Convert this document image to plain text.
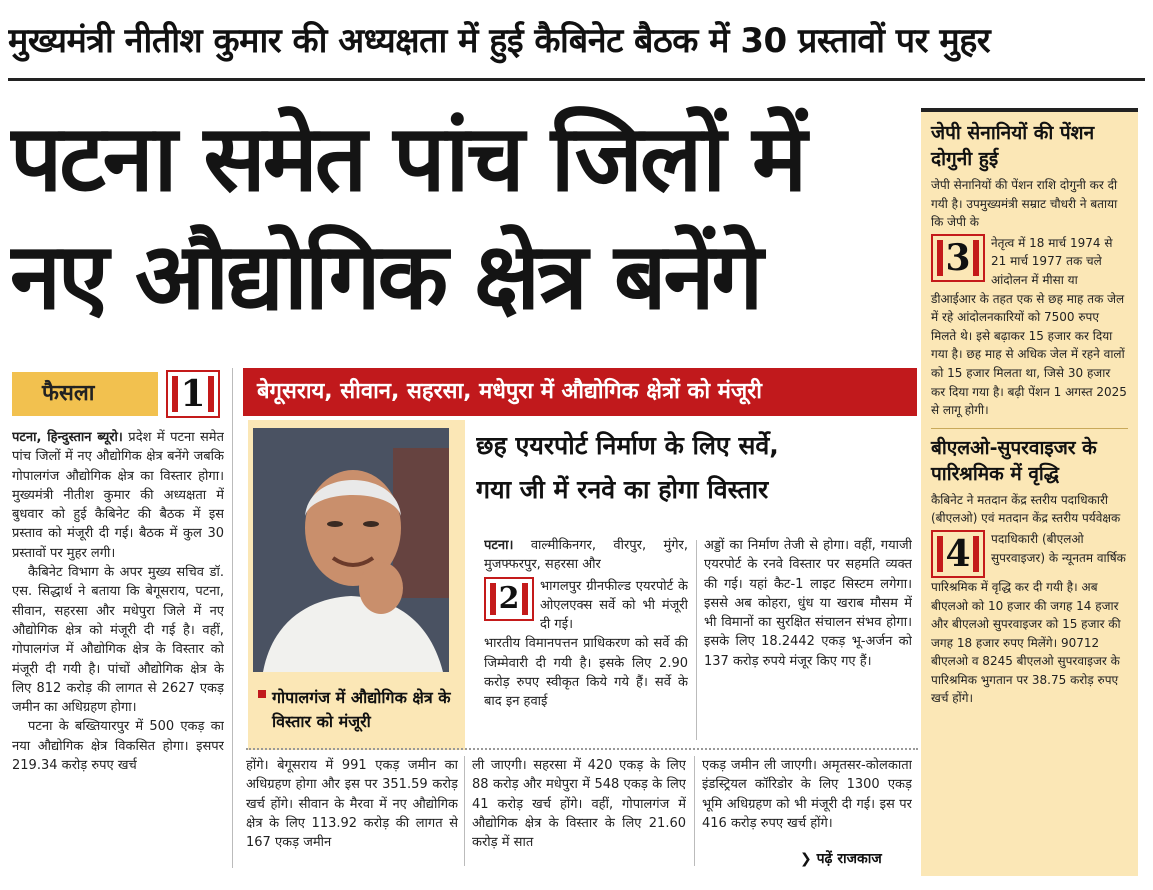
मुख्यमंत्री नीतीश कुमार की अध्यक्षता में हुई कैबिनेट बैठक में 30 प्रस्तावों पर मुहर
पटना समेत पांच जिलों में
नए औद्योगिक क्षेत्र बनेंगे
फैसला	1

पटना, हिन्दुस्तान ब्यूरो। प्रदेश में पटना समेत पांच जिलों में नए औद्योगिक क्षेत्र बनेंगे जबकि गोपालगंज औद्योगिक क्षेत्र का विस्तार होगा। मुख्यमंत्री नीतीश कुमार की अध्यक्षता में बुधवार को हुई कैबिनेट की बैठक में इस प्रस्ताव को मंजूरी दी गई। बैठक में कुल 30 प्रस्तावों पर मुहर लगी।

कैबिनेट विभाग के अपर मुख्य सचिव डॉ. एस. सिद्धार्थ ने बताया कि बेगूसराय, पटना, सीवान, सहरसा और मधेपुरा जिले में नए औद्योगिक क्षेत्र को मंजूरी दी गई है। वहीं, गोपालगंज में औद्योगिक क्षेत्र के विस्तार को मंजूरी दी गयी है। पांचों औद्योगिक क्षेत्र के लिए 812 करोड़ की लागत से 2627 एकड़ जमीन का अधिग्रहण होगा।

पटना के बख्तियारपुर में 500 एकड़ का नया औद्योगिक क्षेत्र विकसित होगा। इसपर 219.34 करोड़ रुपए खर्च

बेगूसराय, सीवान, सहरसा, मधेपुरा में औद्योगिक क्षेत्रों को मंजूरी
गोपालगंज में औद्योगिक क्षेत्र के विस्तार को मंजूरी
छह एयरपोर्ट निर्माण के लिए सर्वे,
गया जी में रनवे का होगा विस्तार

पटना। वाल्मीकिनगर, वीरपुर, मुंगेर, मुजफ्फरपुर, सहरसा और

2	भागलपुर ग्रीनफील्ड एयरपोर्ट के ओएलएक्स सर्वे को भी मंजूरी दी गई।

भारतीय विमानपत्तन प्राधिकरण को सर्वे की जिम्मेवारी दी गयी है। इसके लिए 2.90 करोड़ रुपए स्वीकृत किये गये हैं। सर्वे के बाद इन हवाई

अड्डों का निर्माण तेजी से होगा। वहीं, गयाजी एयरपोर्ट के रनवे विस्तार पर सहमति व्यक्त की गई। यहां कैट-1 लाइट सिस्टम लगेगा। इससे अब कोहरा, धुंध या खराब मौसम में भी विमानों का सुरक्षित संचालन संभव होगा। इसके लिए 18.2442 एकड़ भू-अर्जन को 137 करोड़ रुपये मंजूर किए गए हैं।
होंगे। बेगूसराय में 991 एकड़ जमीन का अधिग्रहण होगा और इस पर 351.59 करोड़ खर्च होंगे। सीवान के मैरवा में नए औद्योगिक क्षेत्र के लिए 113.92 करोड़ की लागत से 167 एकड़ जमीन
ली जाएगी। सहरसा में 420 एकड़ के लिए 88 करोड़ और मधेपुरा में 548 एकड़ के लिए 41 करोड़ खर्च होंगे। वहीं, गोपालगंज में औद्योगिक क्षेत्र के विस्तार के लिए 21.60 करोड़ में सात
एकड़ जमीन ली जाएगी। अमृतसर-कोलकाता इंडस्ट्रियल कॉरिडोर के लिए 1300 एकड़ भूमि अधिग्रहण को भी मंजूरी दी गई। इस पर 416 करोड़ रुपए खर्च होंगे।
❯ पढ़ें राजकाज
जेपी सेनानियों की पेंशन दोगुनी हुई

जेपी सेनानियों की पेंशन राशि दोगुनी कर दी गयी है। उपमुख्यमंत्री सम्राट चौधरी ने बताया कि जेपी के

3	नेतृत्व में 18 मार्च 1974 से 21 मार्च 1977 तक चले आंदोलन में मीसा या

डीआईआर के तहत एक से छह माह तक जेल में रहे आंदोलनकारियों को 7500 रुपए मिलते थे। इसे बढ़ाकर 15 हजार कर दिया गया है। छह माह से अधिक जेल में रहने वालों को 15 हजार मिलता था, जिसे 30 हजार कर दिया गया है। बढ़ी पेंशन 1 अगस्त 2025 से लागू होगी।

बीएलओ-सुपरवाइजर के पारिश्रमिक में वृद्धि

कैबिनेट ने मतदान केंद्र स्तरीय पदाधिकारी (बीएलओ) एवं मतदान केंद्र स्तरीय पर्यवेक्षक

4	पदाधिकारी (बीएलओ सुपरवाइजर) के न्यूनतम वार्षिक

पारिश्रमिक में वृद्धि कर दी गयी है। अब बीएलओ को 10 हजार की जगह 14 हजार और बीएलओ सुपरवाइजर को 15 हजार की जगह 18 हजार रुपए मिलेंगे। 90712 बीएलओ व 8245 बीएलओ सुपरवाइजर के पारिश्रमिक भुगतान पर 38.75 करोड़ रुपए खर्च होंगे।
